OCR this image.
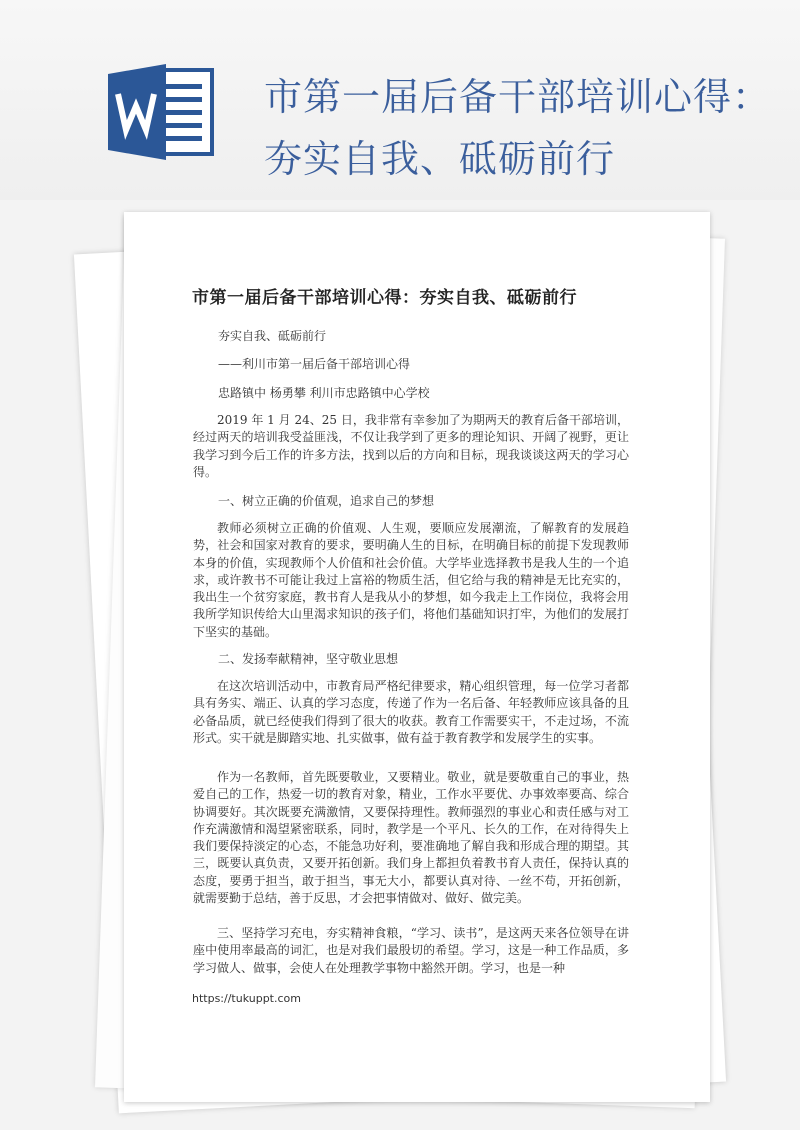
市第一届后备干部培训心得：夯实自我、砥砺前行
市第一届后备干部培训心得：夯实自我、砥砺前行
夯实自我、砥砺前行
——利川市第一届后备干部培训心得
忠路镇中 杨勇攀 利川市忠路镇中心学校
2019 年 1 月 24、25 日，我非常有幸参加了为期两天的教育后备干部培训，经过两天的培训我受益匪浅，不仅让我学到了更多的理论知识、开阔了视野，更让我学习到今后工作的许多方法，找到以后的方向和目标，现我谈谈这两天的学习心得。
一、树立正确的价值观，追求自己的梦想
教师必须树立正确的价值观、人生观，要顺应发展潮流，了解教育的发展趋势，社会和国家对教育的要求，要明确人生的目标，在明确目标的前提下发现教师本身的价值，实现教师个人价值和社会价值。大学毕业选择教书是我人生的一个追求，或许教书不可能让我过上富裕的物质生活，但它给与我的精神是无比充实的，我出生一个贫穷家庭，教书育人是我从小的梦想，如今我走上工作岗位，我将会用我所学知识传给大山里渴求知识的孩子们，将他们基础知识打牢，为他们的发展打下坚实的基础。
二、发扬奉献精神，坚守敬业思想
在这次培训活动中，市教育局严格纪律要求，精心组织管理，每一位学习者都具有务实、端正、认真的学习态度，传递了作为一名后备、年轻教师应该具备的且必备品质，就已经使我们得到了很大的收获。教育工作需要实干，不走过场，不流形式。实干就是脚踏实地、扎实做事，做有益于教育教学和发展学生的实事。
作为一名教师，首先既要敬业，又要精业。敬业，就是要敬重自己的事业，热爱自己的工作，热爱一切的教育对象，精业，工作水平要优、办事效率要高、综合协调要好。其次既要充满激情，又要保持理性。教师强烈的事业心和责任感与对工作充满激情和渴望紧密联系，同时，教学是一个平凡、长久的工作，在对待得失上我们要保持淡定的心态，不能急功好利，要准确地了解自我和形成合理的期望。其三，既要认真负责，又要开拓创新。我们身上都担负着教书育人责任，保持认真的态度，要勇于担当，敢于担当，事无大小，都要认真对待、一丝不苟，开拓创新，就需要勤于总结，善于反思，才会把事情做对、做好、做完美。
三、坚持学习充电，夯实精神食粮，“学习、读书”，是这两天来各位领导在讲座中使用率最高的词汇，也是对我们最殷切的希望。学习，这是一种工作品质，多学习做人、做事，会使人在处理教学事物中豁然开朗。学习，也是一种
https://tukuppt.com
